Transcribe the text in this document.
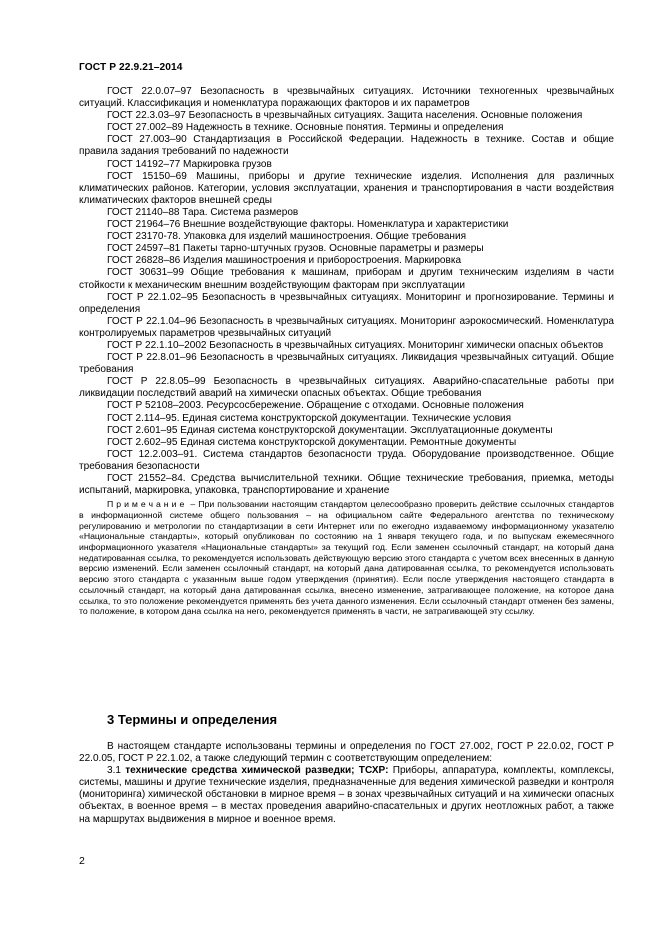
ГОСТ Р 22.9.21–2014

ГОСТ 22.0.07–97 Безопасность в чрезвычайных ситуациях. Источники техногенных чрезвычайных ситуаций. Классификация и номенклатура поражающих факторов и их параметров

ГОСТ 22.3.03–97 Безопасность в чрезвычайных ситуациях. Защита населения. Основные положения

ГОСТ 27.002–89 Надежность в технике. Основные понятия. Термины и определения

ГОСТ 27.003–90 Стандартизация в Российской Федерации. Надежность в технике. Состав и общие правила задания требований по надежности

ГОСТ 14192–77 Маркировка грузов

ГОСТ 15150–69 Машины, приборы и другие технические изделия. Исполнения для различных климатических районов. Категории, условия эксплуатации, хранения и транспортирования в части воздействия климатических факторов внешней среды

ГОСТ 21140–88 Тара. Система размеров

ГОСТ 21964–76 Внешние воздействующие факторы. Номенклатура и характеристики

ГОСТ 23170-78. Упаковка для изделий машиностроения. Общие требования

ГОСТ 24597–81 Пакеты тарно-штучных грузов. Основные параметры и размеры

ГОСТ 26828–86 Изделия машиностроения и приборостроения. Маркировка

ГОСТ 30631–99 Общие требования к машинам, приборам и другим техническим изделиям в части стойкости к механическим внешним воздействующим факторам при эксплуатации

ГОСТ Р 22.1.02–95 Безопасность в чрезвычайных ситуациях. Мониторинг и прогнозирование. Термины и определения

ГОСТ Р 22.1.04–96 Безопасность в чрезвычайных ситуациях. Мониторинг аэрокосмический. Номенклатура контролируемых параметров чрезвычайных ситуаций

ГОСТ Р 22.1.10–2002 Безопасность в чрезвычайных ситуациях. Мониторинг химически опасных объектов

ГОСТ Р 22.8.01–96 Безопасность в чрезвычайных ситуациях. Ликвидация чрезвычайных ситуаций. Общие требования

ГОСТ Р 22.8.05–99 Безопасность в чрезвычайных ситуациях. Аварийно-спасательные работы при ликвидации последствий аварий на химически опасных объектах. Общие требования

ГОСТ Р 52108–2003. Ресурсосбережение. Обращение с отходами. Основные положения

ГОСТ 2.114–95. Единая система конструкторской документации. Технические условия

ГОСТ 2.601–95 Единая система конструкторской документации. Эксплуатационные документы

ГОСТ 2.602–95 Единая система конструкторской документации. Ремонтные документы

ГОСТ 12.2.003–91. Система стандартов безопасности труда. Оборудование производственное. Общие требования безопасности

ГОСТ 21552–84. Средства вычислительной техники. Общие технические требования, приемка, методы испытаний, маркировка, упаковка, транспортирование и хранение

Примечание – При пользовании настоящим стандартом целесообразно проверить действие ссылочных стандартов в информационной системе общего пользования – на официальном сайте Федерального агентства по техническому регулированию и метрологии по стандартизации в сети Интернет или по ежегодно издаваемому информационному указателю «Национальные стандарты», который опубликован по состоянию на 1 января текущего года, и по выпускам ежемесячного информационного указателя «Национальные стандарты» за текущий год. Если заменен ссылочный стандарт, на который дана недатированная ссылка, то рекомендуется использовать действующую версию этого стандарта с учетом всех внесенных в данную версию изменений. Если заменен ссылочный стандарт, на который дана датированная ссылка, то рекомендуется использовать версию этого стандарта с указанным выше годом утверждения (принятия). Если после утверждения настоящего стандарта в ссылочный стандарт, на который дана датированная ссылка, внесено изменение, затрагивающее положение, на которое дана ссылка, то это положение рекомендуется применять без учета данного изменения. Если ссылочный стандарт отменен без замены, то положение, в котором дана ссылка на него, рекомендуется применять в части, не затрагивающей эту ссылку.

3 Термины и определения

В настоящем стандарте использованы термины и определения по ГОСТ 27.002, ГОСТ Р 22.0.02, ГОСТ Р 22.0.05, ГОСТ Р 22.1.02, а также следующий термин с соответствующим определением:

3.1 технические средства химической разведки; ТСХР: Приборы, аппаратура, комплекты, комплексы, системы, машины и другие технические изделия, предназначенные для ведения химической разведки и контроля (мониторинга) химической обстановки в мирное время – в зонах чрезвычайных ситуаций и на химически опасных объектах, в военное время – в местах проведения аварийно-спасательных и других неотложных работ, а также на маршрутах выдвижения в мирное и военное время.

2
